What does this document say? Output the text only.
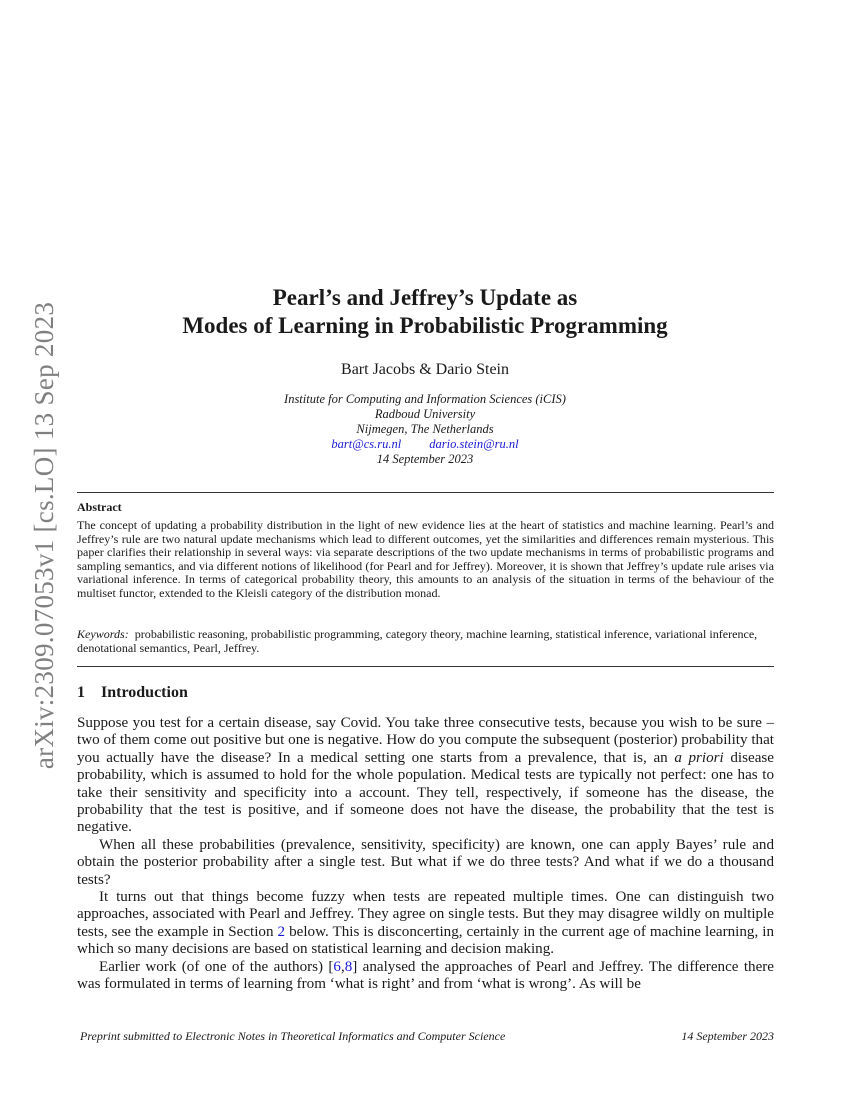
arXiv:2309.07053v1 [cs.LO] 13 Sep 2023
Pearl’s and Jeffrey’s Update as
Modes of Learning in Probabilistic Programming
Bart Jacobs & Dario Stein
Institute for Computing and Information Sciences (iCIS)
Radboud University
Nijmegen, The Netherlands
bart@cs.ru.nl dario.stein@ru.nl
14 September 2023
Abstract
The concept of updating a probability distribution in the light of new evidence lies at the heart of statistics and machine learning. Pearl’s and Jeffrey’s rule are two natural update mechanisms which lead to different outcomes, yet the similarities and differences remain mysterious. This paper clarifies their relationship in several ways: via separate descriptions of the two update mechanisms in terms of probabilistic programs and sampling semantics, and via different notions of likelihood (for Pearl and for Jeffrey). Moreover, it is shown that Jeffrey’s update rule arises via variational inference. In terms of categorical probability theory, this amounts to an analysis of the situation in terms of the behaviour of the multiset functor, extended to the Kleisli category of the distribution monad.
Keywords: probabilistic reasoning, probabilistic programming, category theory, machine learning, statistical inference, variational inference, denotational semantics, Pearl, Jeffrey.
1 Introduction

Suppose you test for a certain disease, say Covid. You take three consecutive tests, because you wish to be sure – two of them come out positive but one is negative. How do you compute the subsequent (posterior) probability that you actually have the disease? In a medical setting one starts from a prevalence, that is, an a priori disease probability, which is assumed to hold for the whole population. Medical tests are typically not perfect: one has to take their sensitivity and specificity into a account. They tell, respectively, if someone has the disease, the probability that the test is positive, and if someone does not have the disease, the probability that the test is negative.

When all these probabilities (prevalence, sensitivity, specificity) are known, one can apply Bayes’ rule and obtain the posterior probability after a single test. But what if we do three tests? And what if we do a thousand tests?

It turns out that things become fuzzy when tests are repeated multiple times. One can distinguish two approaches, associated with Pearl and Jeffrey. They agree on single tests. But they may disagree wildly on multiple tests, see the example in Section 2 below. This is disconcerting, certainly in the current age of machine learning, in which so many decisions are based on statistical learning and decision making.

Earlier work (of one of the authors) [6,8] analysed the approaches of Pearl and Jeffrey. The difference there was formulated in terms of learning from ‘what is right’ and from ‘what is wrong’. As will be

Preprint submitted to Electronic Notes in Theoretical Informatics and Computer Science	14 September 2023
